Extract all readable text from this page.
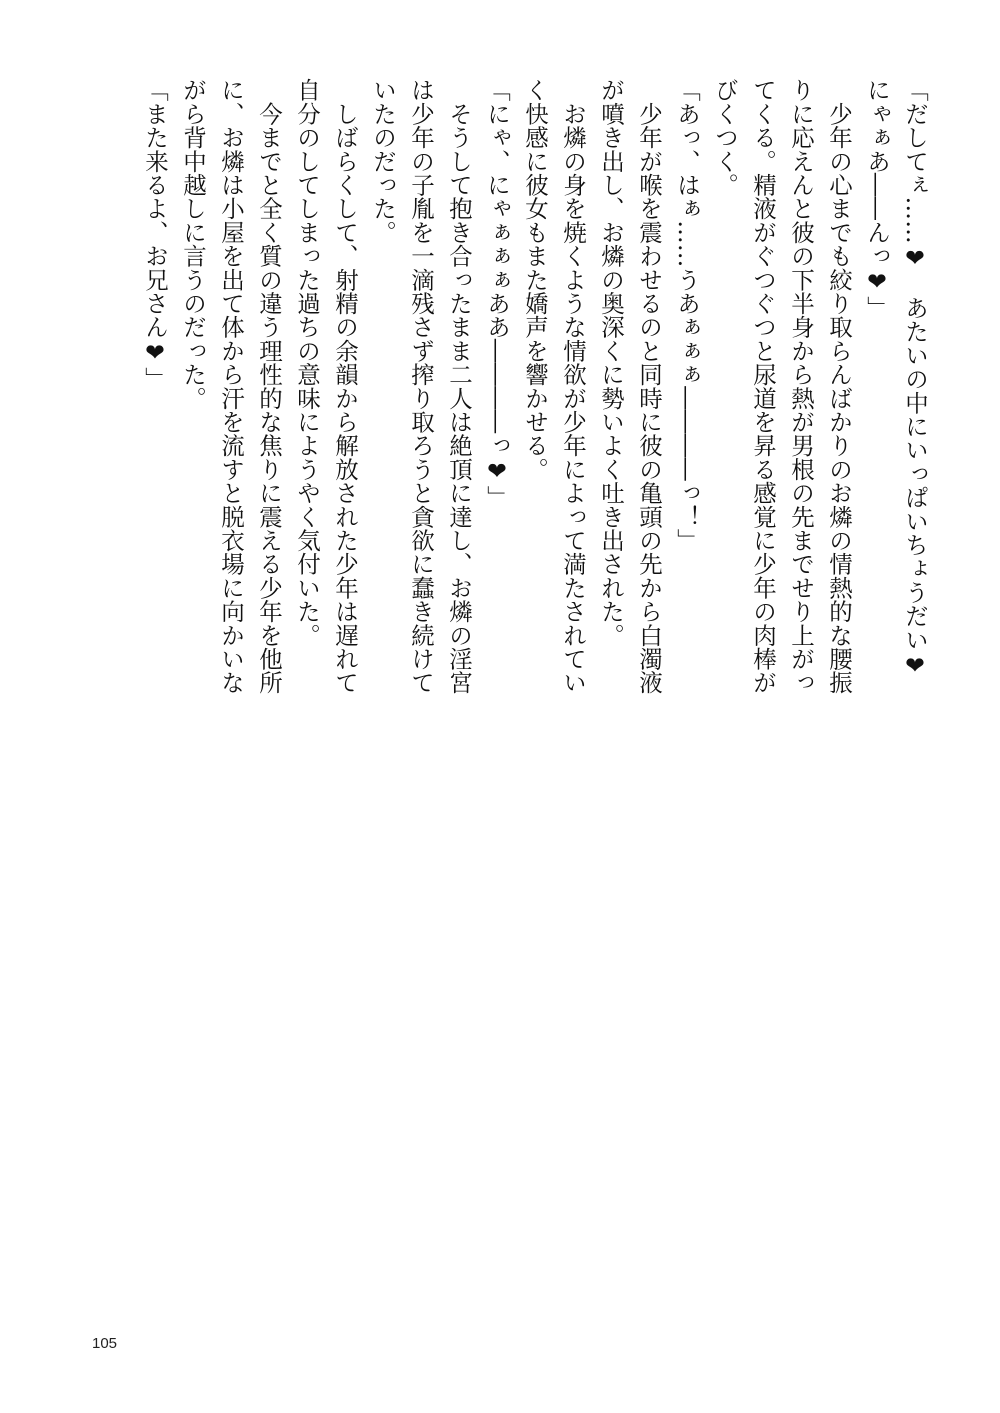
「だしてぇ……❤　あたいの中にいっぱいちょうだい❤
にゃぁあ――んっ❤」
　少年の心までも絞り取らんばかりのお燐の情熱的な腰振
りに応えんと彼の下半身から熱が男根の先までせり上がっ
てくる。精液がぐつぐつと尿道を昇る感覚に少年の肉棒が
びくつく。
「あっ、はぁ……うあぁぁぁ――――っ！」
　少年が喉を震わせるのと同時に彼の亀頭の先から白濁液
が噴き出し、お燐の奥深くに勢いよく吐き出された。
　お燐の身を焼くような情欲が少年によって満たされてい
く快感に彼女もまた嬌声を響かせる。
「にゃ、にゃぁぁぁああ――――っ❤」
　そうして抱き合ったまま二人は絶頂に達し、お燐の淫宮
は少年の子胤を一滴残さず搾り取ろうと貪欲に蠢き続けて
いたのだった。
　しばらくして、射精の余韻から解放された少年は遅れて
自分のしてしまった過ちの意味にようやく気付いた。
　今までと全く質の違う理性的な焦りに震える少年を他所
に、お燐は小屋を出て体から汗を流すと脱衣場に向かいな
がら背中越しに言うのだった。
「また来るよ、お兄さん❤」
105
